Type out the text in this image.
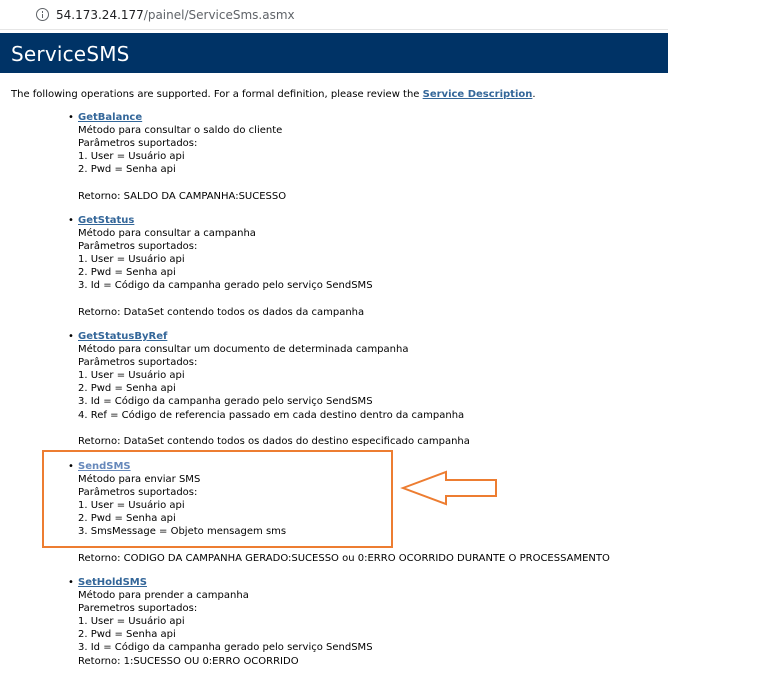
54.173.24.177/painel/ServiceSms.asmx
ServiceSMS
The following operations are supported. For a formal definition, please review the Service Description.
• GetBalance
Método para consultar o saldo do cliente
Parâmetros suportados:
1. User = Usuário api
2. Pwd = Senha api
Retorno: SALDO DA CAMPANHA:SUCESSO
• GetStatus
Método para consultar a campanha
Parâmetros suportados:
1. User = Usuário api
2. Pwd = Senha api
3. Id = Código da campanha gerado pelo serviço SendSMS
Retorno: DataSet contendo todos os dados da campanha
• GetStatusByRef
Método para consultar um documento de determinada campanha
Parâmetros suportados:
1. User = Usuário api
2. Pwd = Senha api
3. Id = Código da campanha gerado pelo serviço SendSMS
4. Ref = Código de referencia passado em cada destino dentro da campanha
Retorno: DataSet contendo todos os dados do destino especificado campanha
• SendSMS
Método para enviar SMS
Parâmetros suportados:
1. User = Usuário api
2. Pwd = Senha api
3. SmsMessage = Objeto mensagem sms
Retorno: CODIGO DA CAMPANHA GERADO:SUCESSO ou 0:ERRO OCORRIDO DURANTE O PROCESSAMENTO
• SetHoldSMS
Método para prender a campanha
Paremetros suportados:
1. User = Usuário api
2. Pwd = Senha api
3. Id = Código da campanha gerado pelo serviço SendSMS
Retorno: 1:SUCESSO OU 0:ERRO OCORRIDO
